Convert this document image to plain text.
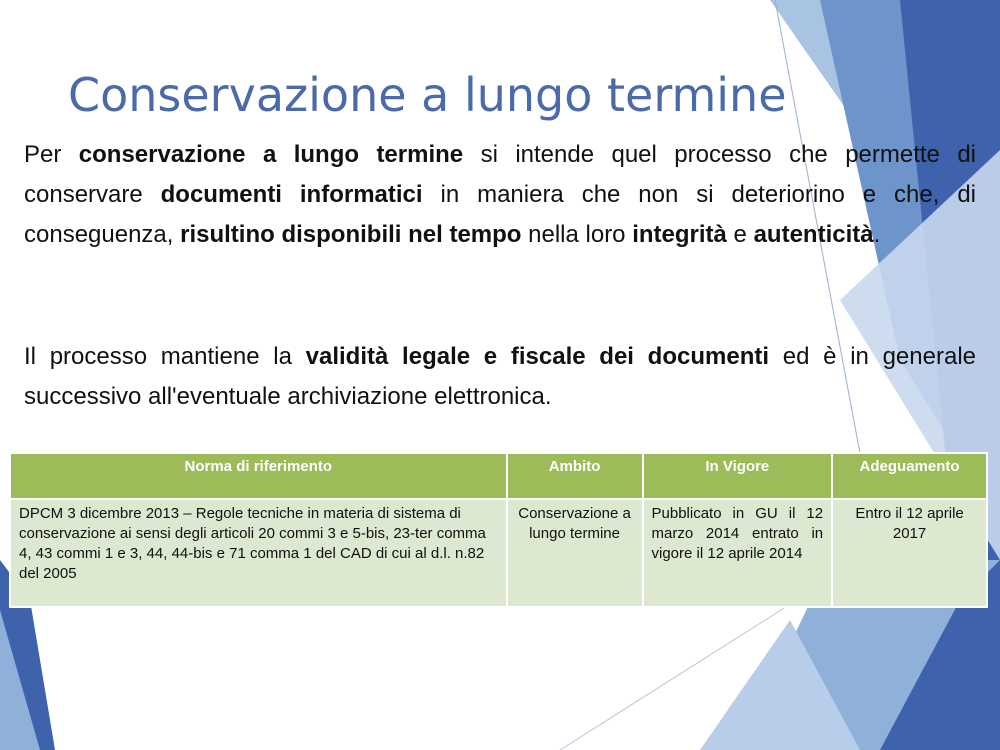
Conservazione a lungo termine

Per conservazione a lungo termine si intende quel processo che permette di conservare documenti informatici in maniera che non si deteriorino e che, di conseguenza, risultino disponibili nel tempo nella loro integrità e autenticità.

Il processo mantiene la validità legale e fiscale dei documenti ed è in generale successivo all'eventuale archiviazione elettronica.

Norma di riferimento	Ambito	In Vigore	Adeguamento
DPCM 3 dicembre 2013 – Regole tecniche in materia di sistema di conservazione ai sensi degli articoli 20 commi 3 e 5-bis, 23-ter comma 4, 43 commi 1 e 3, 44, 44-bis e 71 comma 1 del CAD di cui al d.l. n.82 del 2005	Conservazione a lungo termine	Pubblicato in GU il 12 marzo 2014 entrato in vigore il 12 aprile 2014	Entro il 12 aprile 2017
